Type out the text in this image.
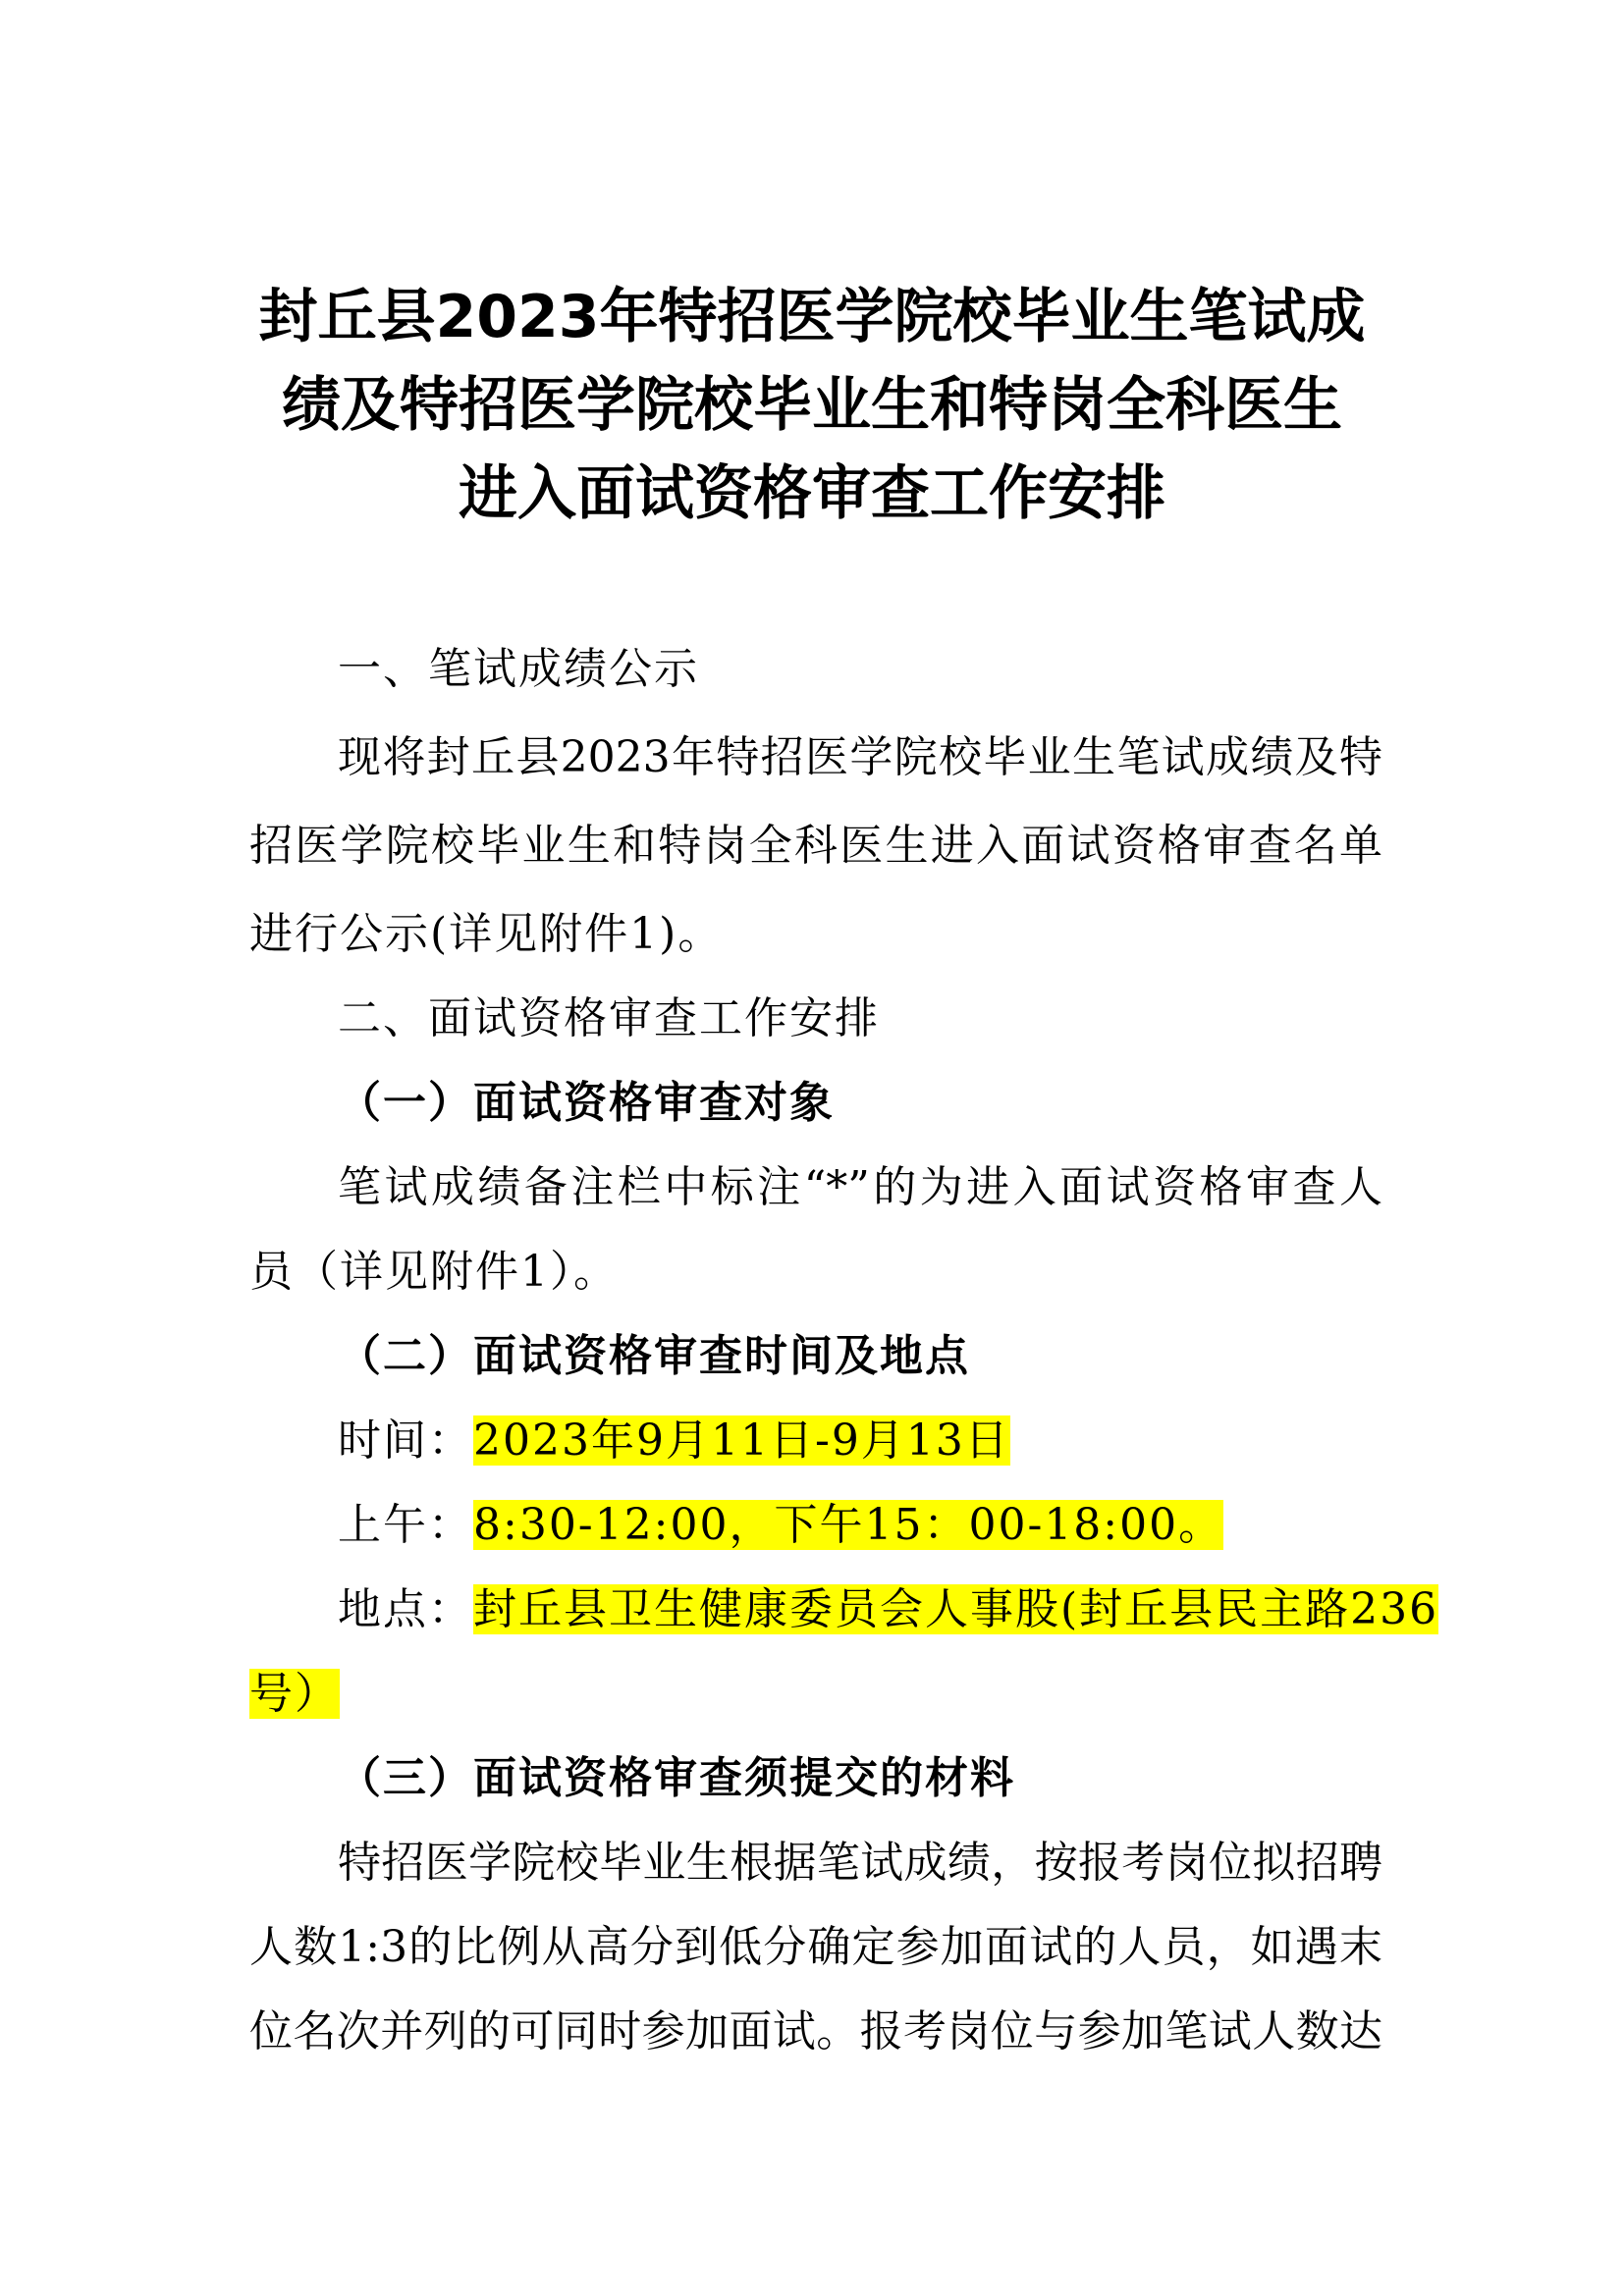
封丘县2023年特招医学院校毕业生笔试成
绩及特招医学院校毕业生和特岗全科医生
进入面试资格审查工作安排
一、笔试成绩公示
现将封丘县2023年特招医学院校毕业生笔试成绩及特
招医学院校毕业生和特岗全科医生进入面试资格审查名单
进行公示(详见附件1)。
二、面试资格审查工作安排
（一）面试资格审查对象
笔试成绩备注栏中标注“*”的为进入面试资格审查人
员（详见附件1）。
（二）面试资格审查时间及地点
时间：2023年9月11日-9月13日
上午：8:30-12:00，下午15：00-18:00。
地点：封丘县卫生健康委员会人事股(封丘县民主路236
号）
（三）面试资格审查须提交的材料
特招医学院校毕业生根据笔试成绩，按报考岗位拟招聘
人数1:3的比例从高分到低分确定参加面试的人员，如遇末
位名次并列的可同时参加面试。报考岗位与参加笔试人数达
